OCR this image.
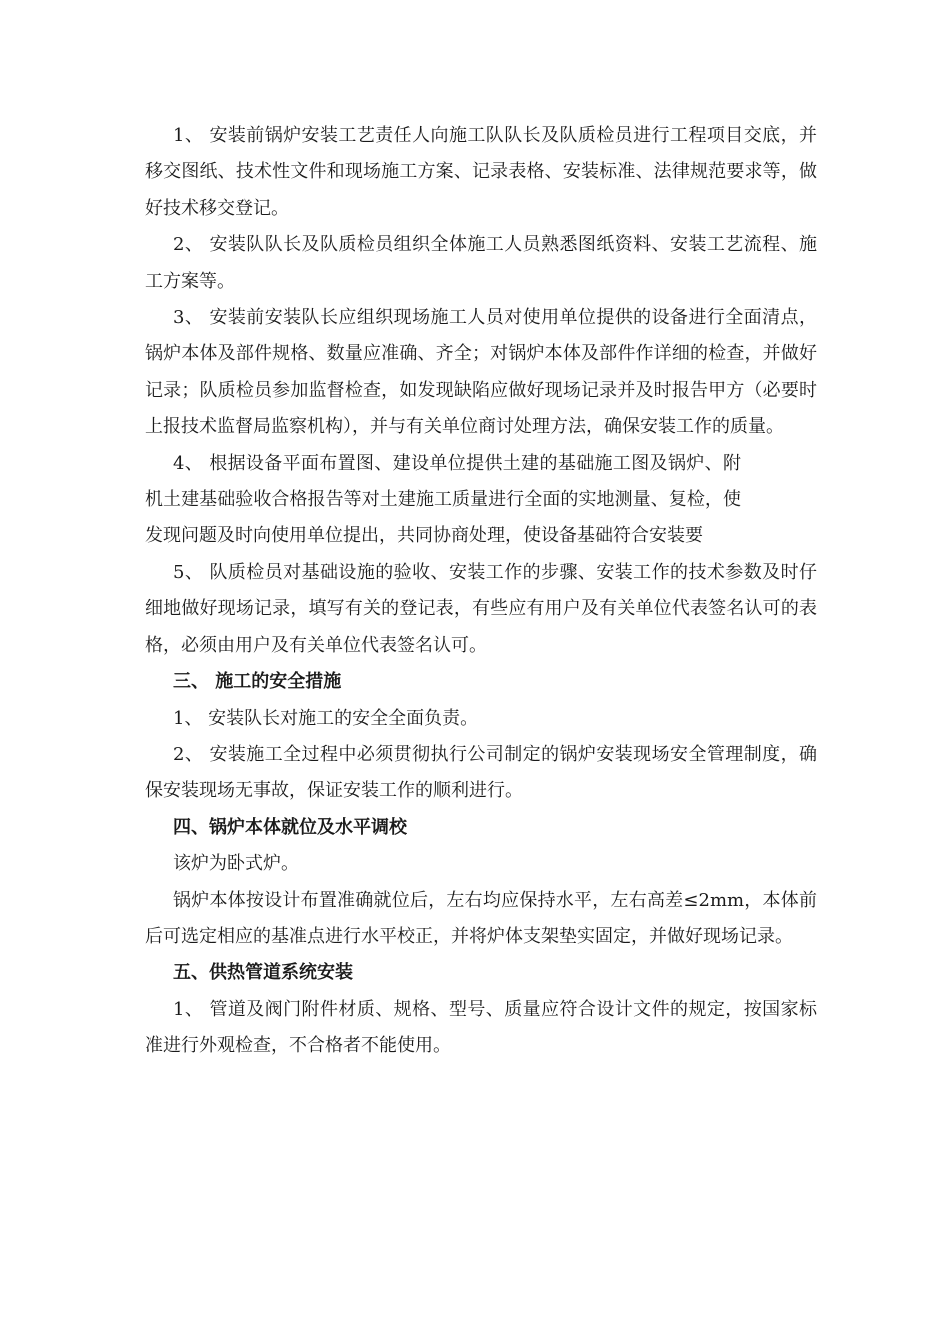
1、 安装前锅炉安装工艺责任人向施工队队长及队质检员进行工程项目交底，并移交图纸、技术性文件和现场施工方案、记录表格、安装标准、法律规范要求等，做好技术移交登记。

2、 安装队队长及队质检员组织全体施工人员熟悉图纸资料、安装工艺流程、施工方案等。

3、 安装前安装队长应组织现场施工人员对使用单位提供的设备进行全面清点，锅炉本体及部件规格、数量应准确、齐全；对锅炉本体及部件作详细的检查，并做好记录；队质检员参加监督检查，如发现缺陷应做好现场记录并及时报告甲方（必要时上报技术监督局监察机构），并与有关单位商讨处理方法，确保安装工作的质量。

4、 根据设备平面布置图、建设单位提供土建的基础施工图及锅炉、附机土建基础验收合格报告等对土建施工质量进行全面的实地测量、复检，使发现问题及时向使用单位提出，共同协商处理，使设备基础符合安装要

5、 队质检员对基础设施的验收、安装工作的步骤、安装工作的技术参数及时仔细地做好现场记录，填写有关的登记表，有些应有用户及有关单位代表签名认可的表格，必须由用户及有关单位代表签名认可。

三、 施工的安全措施

1、 安装队长对施工的安全全面负责。

2、 安装施工全过程中必须贯彻执行公司制定的锅炉安装现场安全管理制度，确保安装现场无事故，保证安装工作的顺利进行。

四、锅炉本体就位及水平调校

该炉为卧式炉。

锅炉本体按设计布置准确就位后，左右均应保持水平，左右高差≤2mm，本体前后可选定相应的基准点进行水平校正，并将炉体支架垫实固定，并做好现场记录。

五、供热管道系统安装

1、 管道及阀门附件材质、规格、型号、质量应符合设计文件的规定，按国家标准进行外观检查，不合格者不能使用。
